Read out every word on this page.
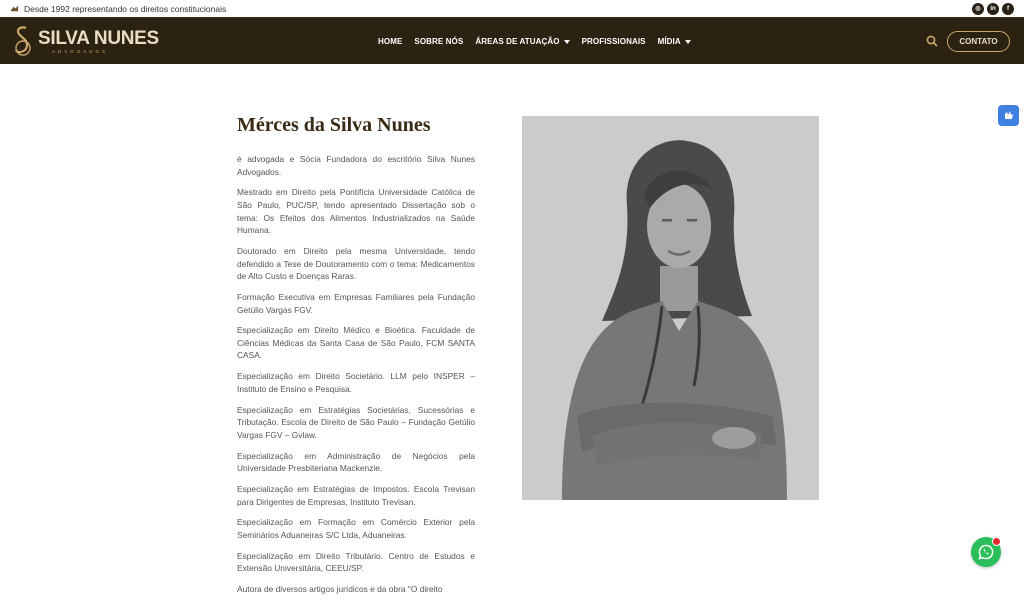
Desde 1992 representando os direitos constitucionais	◎	in	f
SILVA NUNES
ADVOGADOS
HOME SOBRE NÓS ÁREAS DE ATUAÇÃO	PROFISSIONAIS MÍDIA	CONTATO
Mérces da Silva Nunes

é advogada e Sócia Fundadora do escritório Silva Nunes Advogados.

Mestrado em Direito pela Pontifícia Universidade Católica de São Paulo, PUC/SP, tendo apresentado Dissertação sob o tema: Os Efeitos dos Alimentos Industrializados na Saúde Humana.

Doutorado em Direito pela mesma Universidade, tendo defendido a Tese de Doutoramento com o tema: Medicamentos de Alto Custo e Doenças Raras.

Formação Executiva em Empresas Familiares pela Fundação Getúlio Vargas FGV.

Especialização em Direito Médico e Bioética. Faculdade de Ciências Médicas da Santa Casa de São Paulo, FCM SANTA CASA.

Especialização em Direito Societário. LLM pelo INSPER – Instituto de Ensino e Pesquisa.

Especialização em Estratégias Societárias, Sucessórias e Tributação. Escola de Direito de São Paulo – Fundação Getúlio Vargas FGV – Gvlaw.

Especialização em Administração de Negócios pela Universidade Presbiteriana Mackenzie.

Especialização em Estratégias de Impostos. Escola Trevisan para Dirigentes de Empresas, Instituto Trevisan.

Especialização em Formação em Comércio Exterior pela Seminários Aduaneiras S/C Ltda, Aduaneiras.

Especialização em Direito Tributário. Centro de Estudos e Extensão Universitária, CEEU/SP.

Autora de diversos artigos jurídicos e da obra "O direito
